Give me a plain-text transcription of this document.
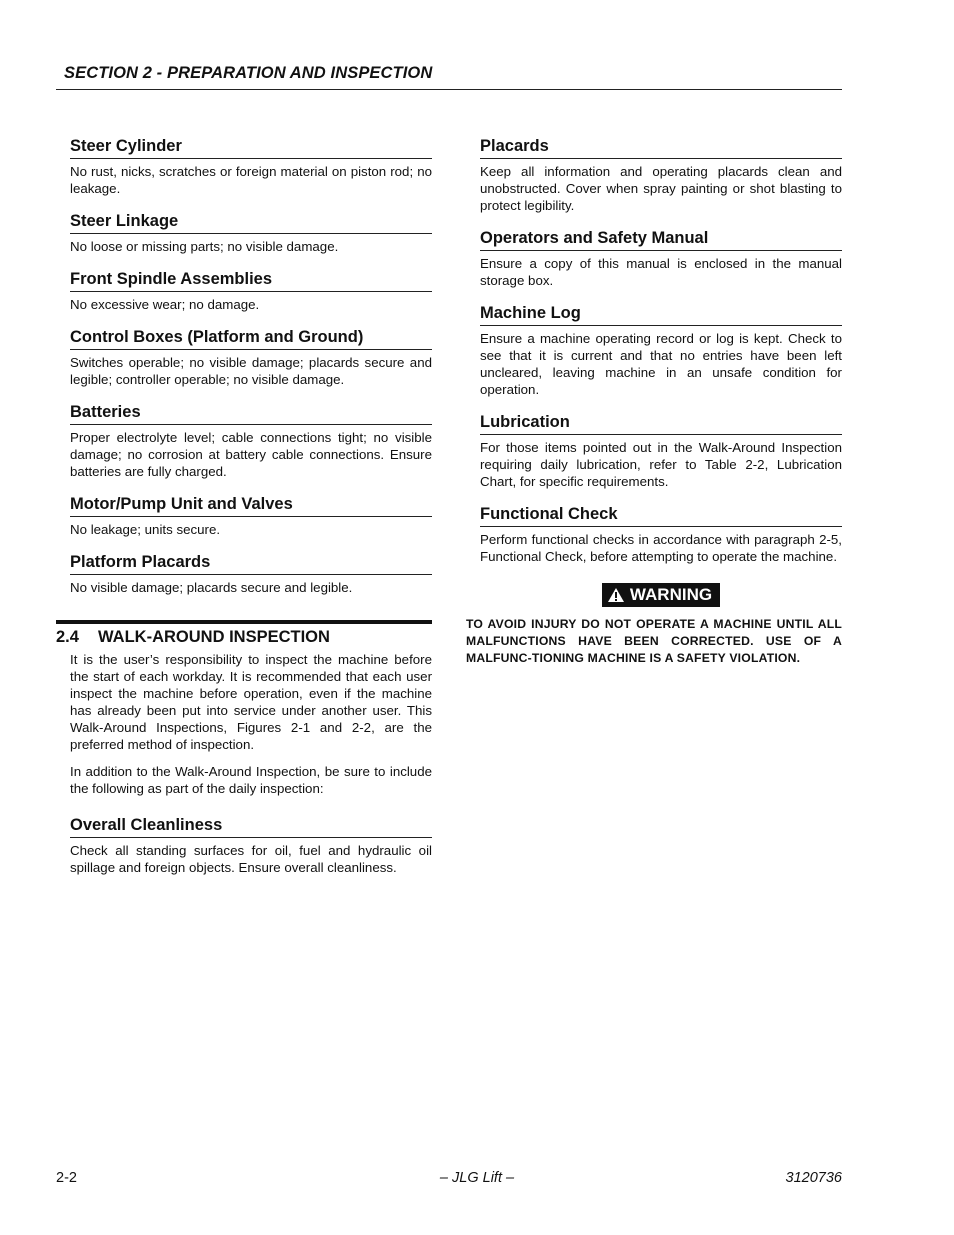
SECTION 2 - PREPARATION AND INSPECTION
Steer Cylinder

No rust, nicks, scratches or foreign material on piston rod; no leakage.

Steer Linkage

No loose or missing parts; no visible damage.

Front Spindle Assemblies

No excessive wear; no damage.

Control Boxes (Platform and Ground)

Switches operable; no visible damage; placards secure and legible; controller operable; no visible damage.

Batteries

Proper electrolyte level; cable connections tight; no visible damage; no corrosion at battery cable connections. Ensure batteries are fully charged.

Motor/Pump Unit and Valves

No leakage; units secure.

Platform Placards

No visible damage; placards secure and legible.

2.4	WALK-AROUND INSPECTION

It is the user’s responsibility to inspect the machine before the start of each workday. It is recommended that each user inspect the machine before operation, even if the machine has already been put into service under another user. This Walk-Around Inspections, Figures 2-1 and 2-2, are the preferred method of inspection.

In addition to the Walk-Around Inspection, be sure to include the following as part of the daily inspection:

Overall Cleanliness

Check all standing surfaces for oil, fuel and hydraulic oil spillage and foreign objects. Ensure overall cleanliness.

Placards

Keep all information and operating placards clean and unobstructed. Cover when spray painting or shot blasting to protect legibility.

Operators and Safety Manual

Ensure a copy of this manual is enclosed in the manual storage box.

Machine Log

Ensure a machine operating record or log is kept. Check to see that it is current and that no entries have been left uncleared, leaving machine in an unsafe condition for operation.

Lubrication

For those items pointed out in the Walk-Around Inspection requiring daily lubrication, refer to Table 2-2, Lubrication Chart, for specific requirements.

Functional Check

Perform functional checks in accordance with paragraph 2-5, Functional Check, before attempting to operate the machine.

WARNING

TO AVOID INJURY DO NOT OPERATE A MACHINE UNTIL ALL MALFUNCTIONS HAVE BEEN CORRECTED. USE OF A MALFUNC-TIONING MACHINE IS A SAFETY VIOLATION.

2-2	– JLG Lift –	3120736
